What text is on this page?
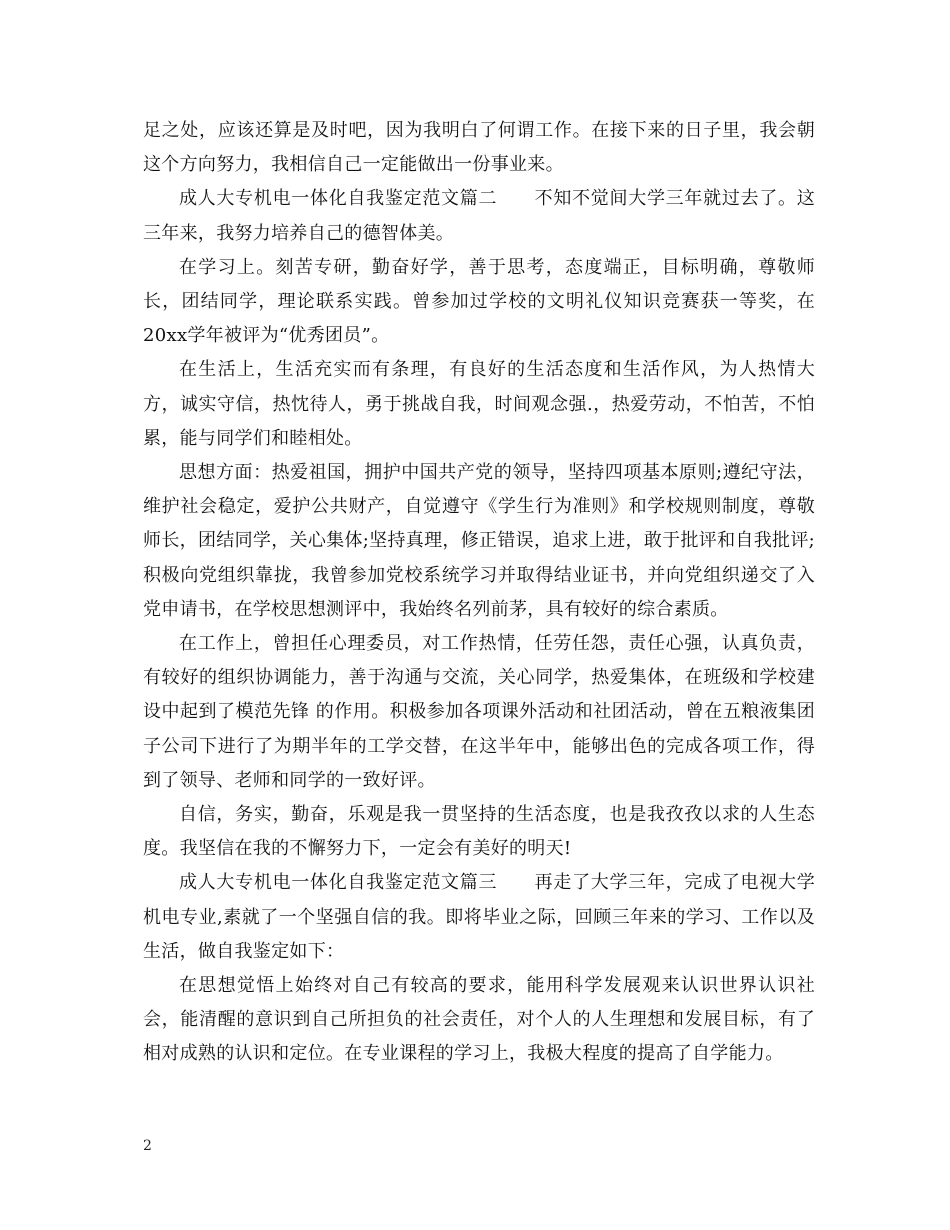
足之处，应该还算是及时吧，因为我明白了何谓工作。在接下来的日子里，我会朝这个方向努力，我相信自己一定能做出一份事业来。

成人大专机电一体化自我鉴定范文篇二　　不知不觉间大学三年就过去了。这三年来，我努力培养自己的德智体美。

在学习上。刻苦专研，勤奋好学，善于思考，态度端正，目标明确，尊敬师长，团结同学，理论联系实践。曾参加过学校的文明礼仪知识竞赛获一等奖，在20xx学年被评为“优秀团员”。

在生活上，生活充实而有条理，有良好的生活态度和生活作风，为人热情大方，诚实守信，热忱待人，勇于挑战自我，时间观念强.，热爱劳动，不怕苦，不怕累，能与同学们和睦相处。

思想方面：热爱祖国，拥护中国共产党的领导，坚持四项基本原则;遵纪守法，维护社会稳定，爱护公共财产，自觉遵守《学生行为准则》和学校规则制度，尊敬师长，团结同学，关心集体;坚持真理，修正错误，追求上进，敢于批评和自我批评;积极向党组织靠拢，我曾参加党校系统学习并取得结业证书，并向党组织递交了入党申请书，在学校思想测评中，我始终名列前茅，具有较好的综合素质。

在工作上，曾担任心理委员，对工作热情，任劳任怨，责任心强，认真负责，有较好的组织协调能力，善于沟通与交流，关心同学，热爱集体，在班级和学校建设中起到了模范先锋 的作用。积极参加各项课外活动和社团活动，曾在五粮液集团子公司下进行了为期半年的工学交替，在这半年中，能够出色的完成各项工作，得到了领导、老师和同学的一致好评。

自信，务实，勤奋，乐观是我一贯坚持的生活态度，也是我孜孜以求的人生态度。我坚信在我的不懈努力下，一定会有美好的明天!

成人大专机电一体化自我鉴定范文篇三　　再走了大学三年，完成了电视大学机电专业,素就了一个坚强自信的我。即将毕业之际，回顾三年来的学习、工作以及生活，做自我鉴定如下：

在思想觉悟上始终对自己有较高的要求，能用科学发展观来认识世界认识社会，能清醒的意识到自己所担负的社会责任，对个人的人生理想和发展目标，有了相对成熟的认识和定位。在专业课程的学习上，我极大程度的提高了自学能力。

2
